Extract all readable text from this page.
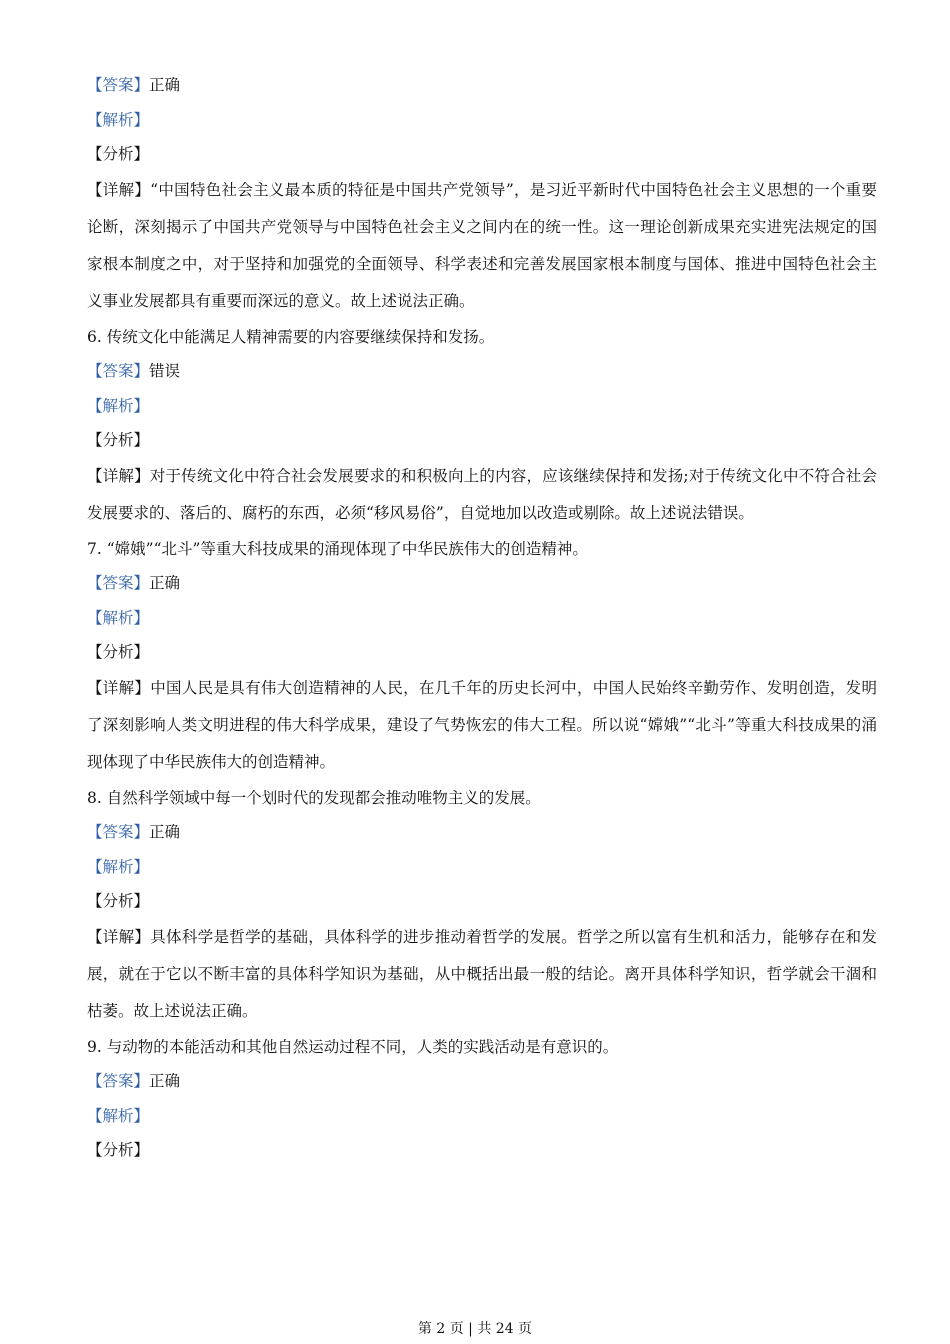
【答案】正确
【解析】
【分析】
【详解】“中国特色社会主义最本质的特征是中国共产党领导”，是习近平新时代中国特色社会主义思想的一个重要论断，深刻揭示了中国共产党领导与中国特色社会主义之间内在的统一性。这一理论创新成果充实进宪法规定的国家根本制度之中，对于坚持和加强党的全面领导、科学表述和完善发展国家根本制度与国体、推进中国特色社会主义事业发展都具有重要而深远的意义。故上述说法正确。
6. 传统文化中能满足人精神需要的内容要继续保持和发扬。
【答案】错误
【解析】
【分析】
【详解】对于传统文化中符合社会发展要求的和积极向上的内容，应该继续保持和发扬;对于传统文化中不符合社会发展要求的、落后的、腐朽的东西，必须“移风易俗”，自觉地加以改造或剔除。故上述说法错误。
7. “嫦娥”“北斗”等重大科技成果的涌现体现了中华民族伟大的创造精神。
【答案】正确
【解析】
【分析】
【详解】中国人民是具有伟大创造精神的人民，在几千年的历史长河中，中国人民始终辛勤劳作、发明创造，发明了深刻影响人类文明进程的伟大科学成果，建设了气势恢宏的伟大工程。所以说“嫦娥”“北斗”等重大科技成果的涌现体现了中华民族伟大的创造精神。
8. 自然科学领域中每一个划时代的发现都会推动唯物主义的发展。
【答案】正确
【解析】
【分析】
【详解】具体科学是哲学的基础，具体科学的进步推动着哲学的发展。哲学之所以富有生机和活力，能够存在和发展，就在于它以不断丰富的具体科学知识为基础，从中概括出最一般的结论。离开具体科学知识，哲学就会干涸和枯萎。故上述说法正确。
9. 与动物的本能活动和其他自然运动过程不同，人类的实践活动是有意识的。
【答案】正确
【解析】
【分析】
第 2 页 | 共 24 页
